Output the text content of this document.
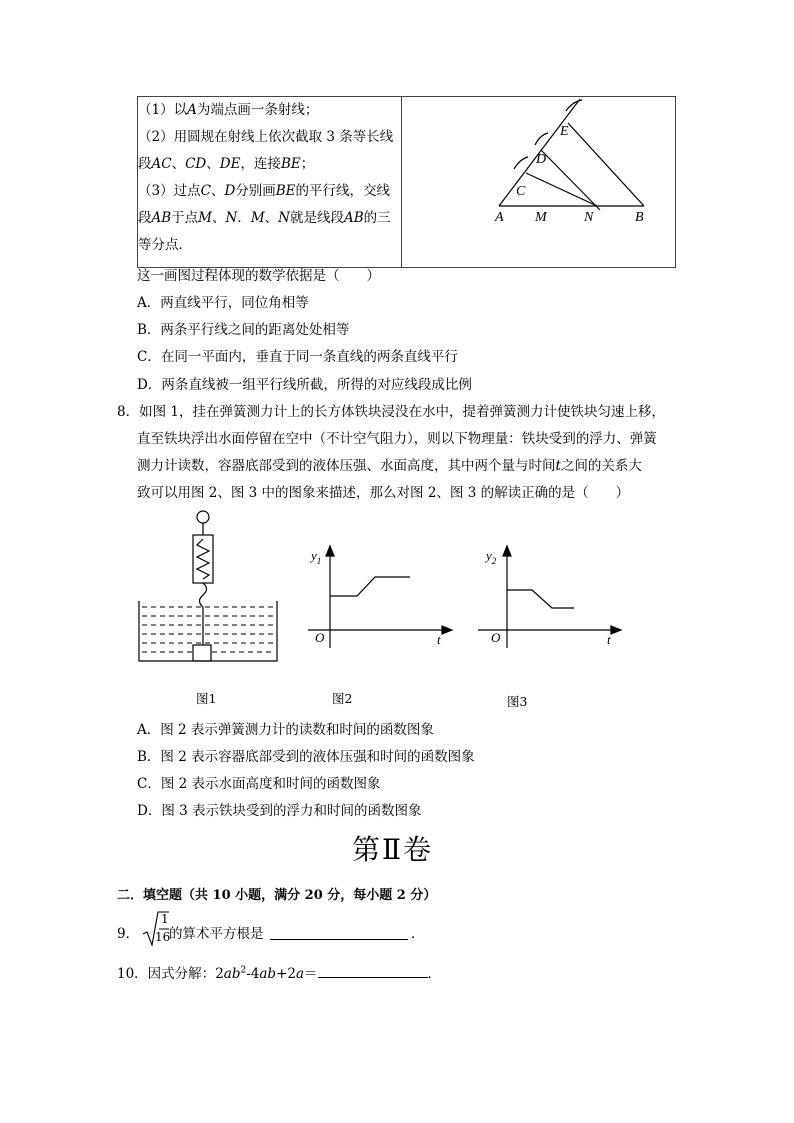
（1）以A为端点画一条射线；
（2）用圆规在射线上依次截取 3 条等长线
段AC、CD、DE，连接BE；
（3）过点C、D分别画BE的平行线，交线
段AB于点M、N．M、N就是线段AB的三
等分点．

A M	N	B
C
D
E
这一画图过程体现的数学依据是（　　）
A．两直线平行，同位角相等
B．两条平行线之间的距离处处相等
C．在同一平面内，垂直于同一条直线的两条直线平行
D．两条直线被一组平行线所截，所得的对应线段成比例
8．如图 1，挂在弹簧测力计上的长方体铁块浸没在水中，提着弹簧测力计使铁块匀速上移，
直至铁块浮出水面停留在空中（不计空气阻力），则以下物理量：铁块受到的浮力、弹簧
测力计读数，容器底部受到的液体压强、水面高度，其中两个量与时间t之间的关系大
致可以用图 2、图 3 中的图象来描述，那么对图 2、图 3 的解读正确的是（　　）
图1
$y_1$
O	t
图2
$y_2$
O	t
图3
A．图 2 表示弹簧测力计的读数和时间的函数图象
B．图 2 表示容器底部受到的液体压强和时间的函数图象
C．图 2 表示水面高度和时间的函数图象
D．图 3 表示铁块受到的浮力和时间的函数图象
第Ⅱ卷
二．填空题（共 10 小题，满分 20 分，每小题 2 分）
9．
1
16
的算术平方根是	．
10．因式分解：$2ab^2-4ab+2a=$	．
